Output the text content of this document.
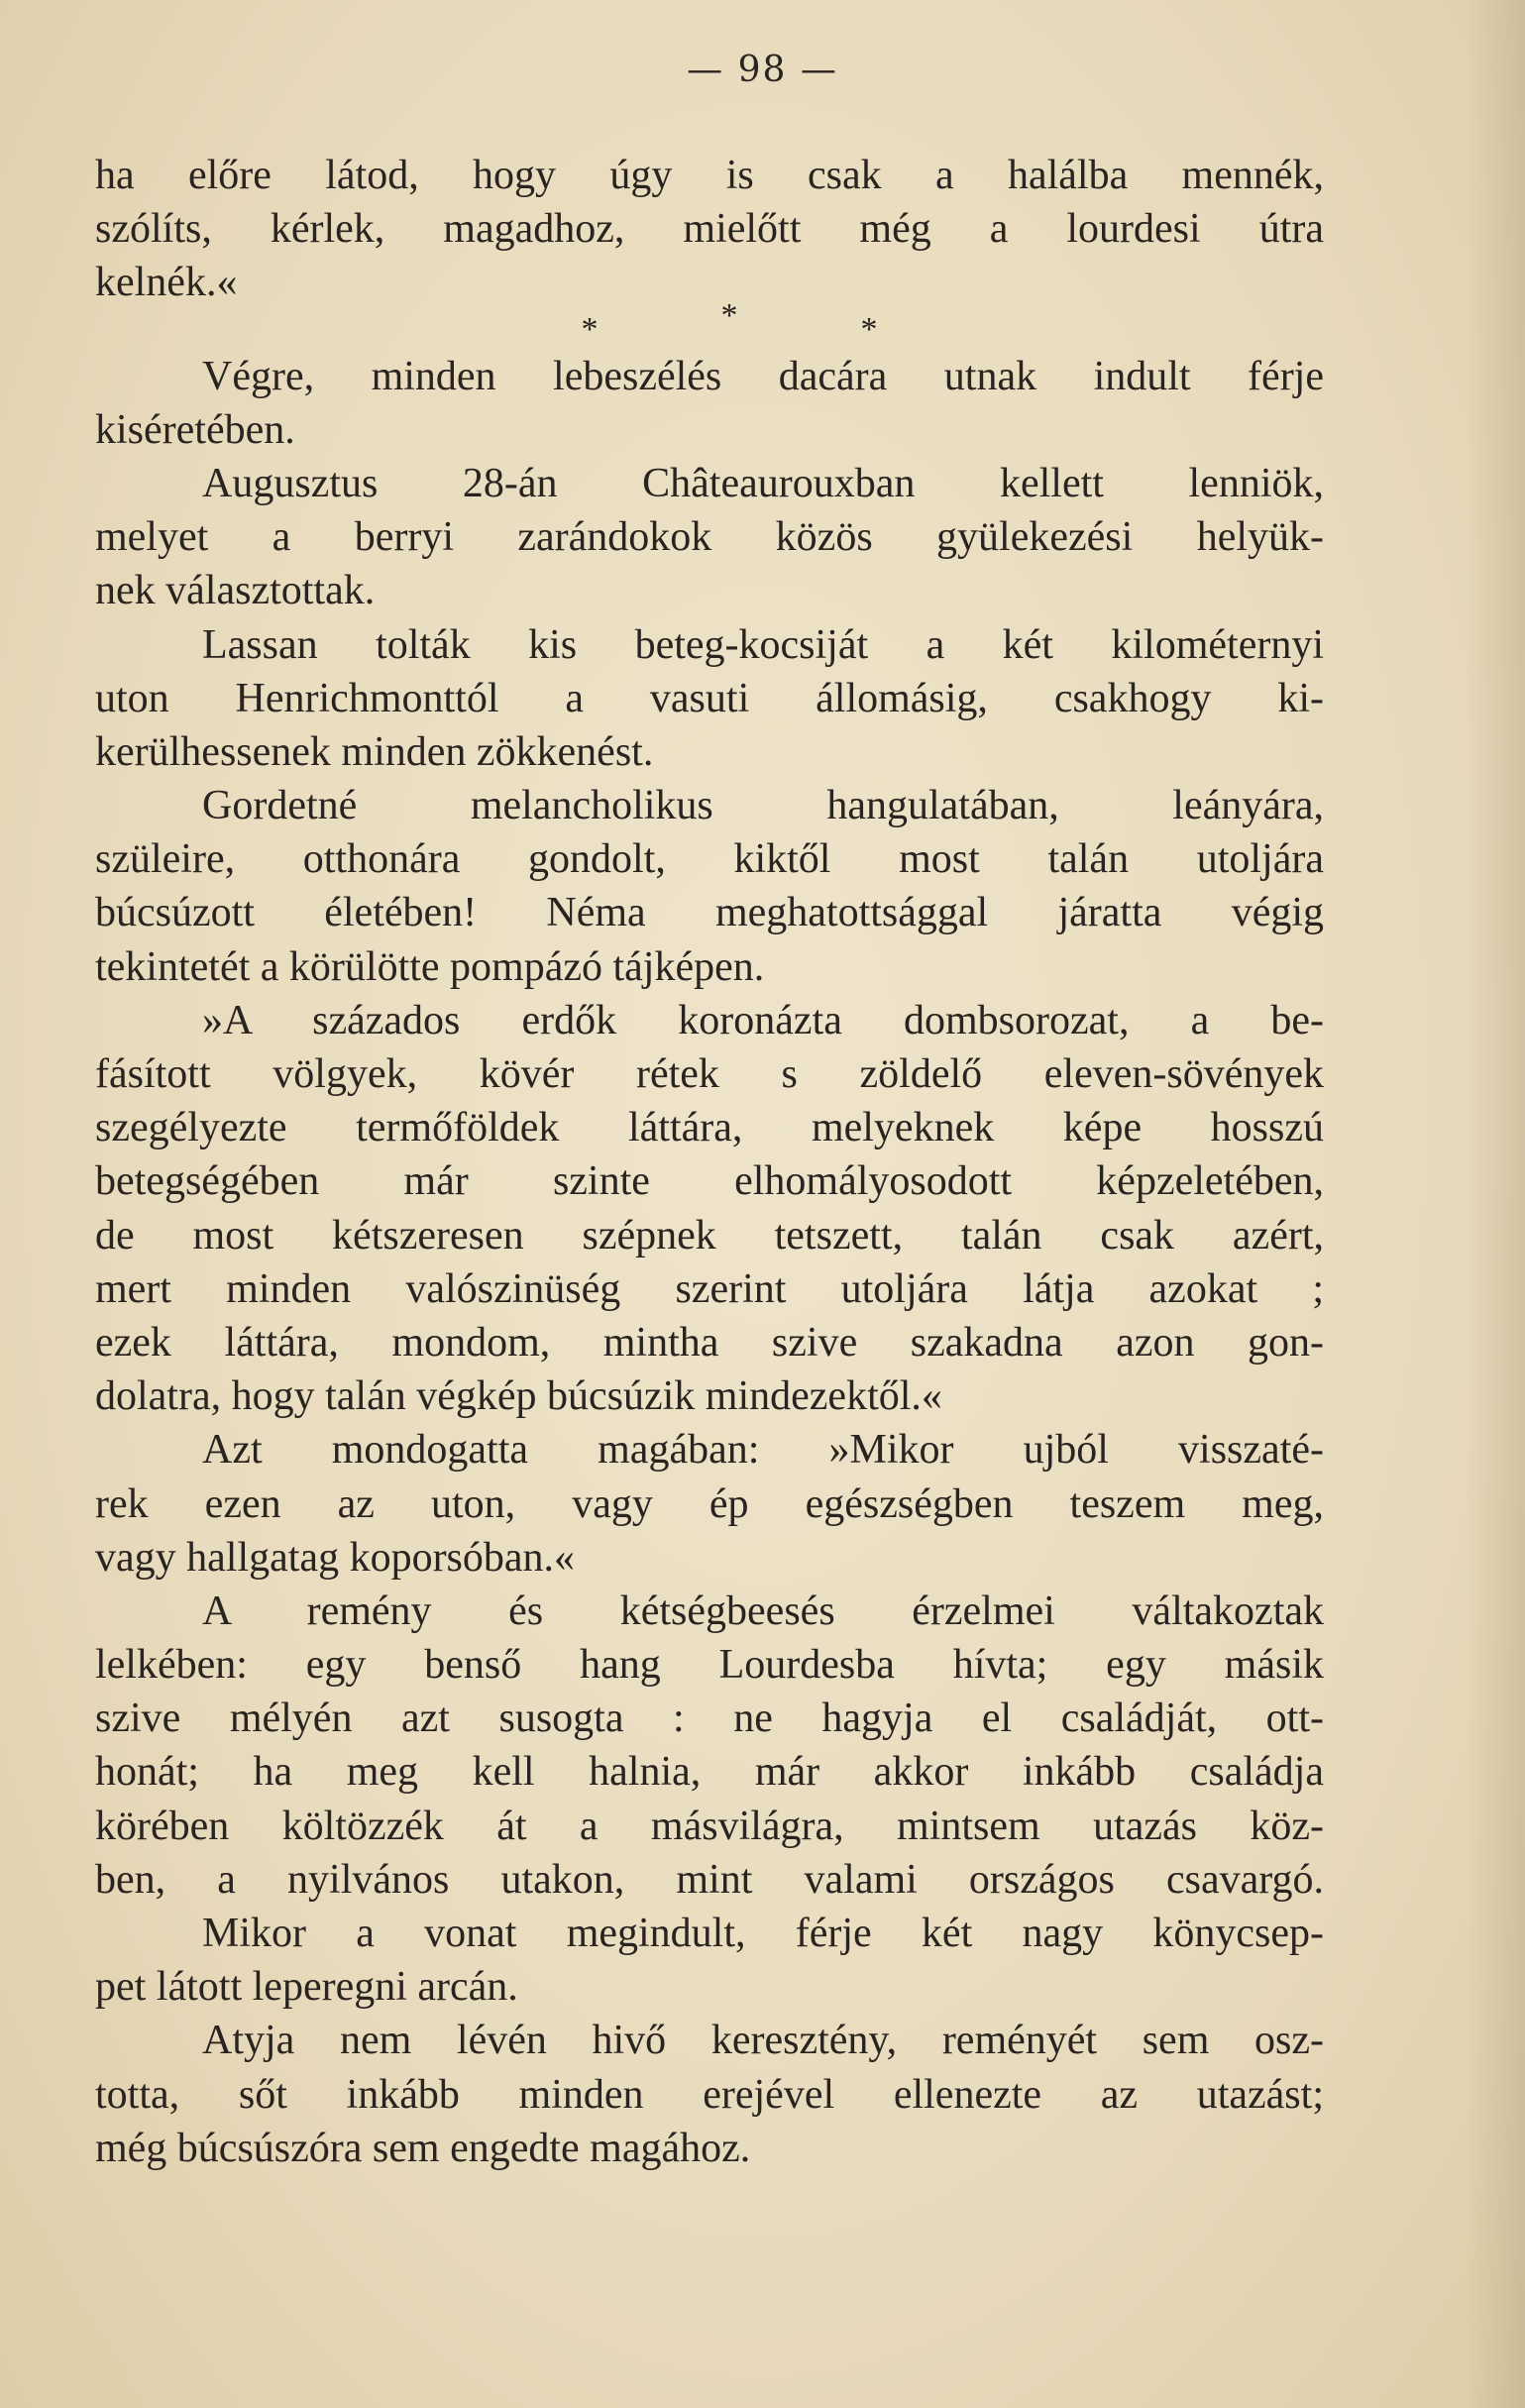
— 98 —
ha előre látod, hogy úgy is csak a halálba mennék,
szólíts, kérlek, magadhoz, mielőtt még a lourdesi útra
kelnék.«
*	*	*
Végre, minden lebeszélés dacára utnak indult férje
kiséretében.
Augusztus 28-án Châteaurouxban kellett lenniök,
melyet a berryi zarándokok közös gyülekezési helyük-
nek választottak.
Lassan tolták kis beteg-kocsiját a két kilométernyi
uton Henrichmonttól a vasuti állomásig, csakhogy ki-
kerülhessenek minden zökkenést.
Gordetné melancholikus hangulatában, leányára,
szüleire, otthonára gondolt, kiktől most talán utoljára
búcsúzott életében! Néma meghatottsággal járatta végig
tekintetét a körülötte pompázó tájképen.
»A százados erdők koronázta dombsorozat, a be-
fásított völgyek, kövér rétek s zöldelő eleven-sövények
szegélyezte termőföldek láttára, melyeknek képe hosszú
betegségében már szinte elhomályosodott képzeletében,
de most kétszeresen szépnek tetszett, talán csak azért,
mert minden valószinüség szerint utoljára látja azokat ;
ezek láttára, mondom, mintha szive szakadna azon gon-
dolatra, hogy talán végkép búcsúzik mindezektől.«
Azt mondogatta magában: »Mikor ujból visszaté-
rek ezen az uton, vagy ép egészségben teszem meg,
vagy hallgatag koporsóban.«
A remény és kétségbeesés érzelmei váltakoztak
lelkében: egy benső hang Lourdesba hívta; egy másik
szive mélyén azt susogta : ne hagyja el családját, ott-
honát; ha meg kell halnia, már akkor inkább családja
körében költözzék át a másvilágra, mintsem utazás köz-
ben, a nyilvános utakon, mint valami országos csavargó.
Mikor a vonat megindult, férje két nagy könycsep-
pet látott leperegni arcán.
Atyja nem lévén hivő keresztény, reményét sem osz-
totta, sőt inkább minden erejével ellenezte az utazást;
még búcsúszóra sem engedte magához.
